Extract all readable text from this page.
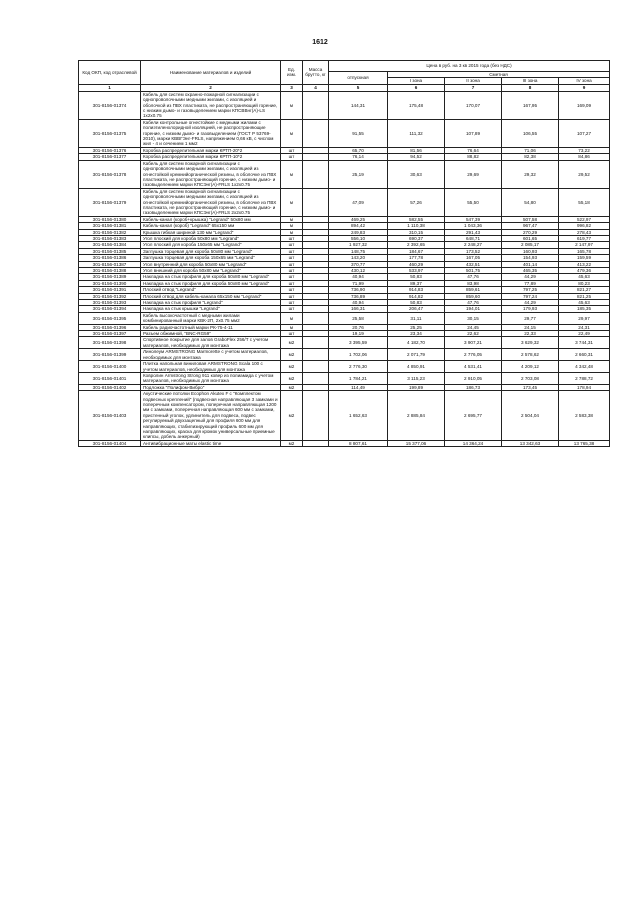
1612
Код ОКП, код отраслевой	Наименование материалов и изделий	Ед. изм.	Масса брутто, кг	Цена в руб. на 3 кв 2015 года (без НДС)				
				отпускная	Сметная			
					I зона	II зона	III зона	IV зона
1	2	3	4	5	6	7	8	9
301-8156-01374	Кабель для систем охранно-пожарной сигнализации с однопроволочными медными жилами, с изоляцией и оболочкой из ПВХ пластиката, не распространяющий горение, с низким дымо- и газовыделением марки КПСВВнг(А)-LS 1x2x0.75	м		144,31	175,48	170,07	167,95	169,09
301-8156-01375	Кабели контрольные огнестойкие с медными жилами с полиэтиленхлоридной изоляцией, не распространяющие горение, с низким дымо- и газовыделением (ГОСТ Р 53769-2010), марки КВВГЭнг-FRLS, напряжением 0,66 кВ, с числом жил - 4 и сечением 1 мм2	м		91,55	111,32	107,89	106,55	107,27
301-8156-01376	Коробка распределительная марки КРТП-20*2	шт		65,70	81,56	76,64	71,06	73,22
301-8156-01377	Коробка распределительная марки КРТП-10*2	шт		76,14	94,52	88,82	82,38	84,86
301-8156-01378	Кабель для систем пожарной сигнализации с однопроволочными медными жилами, с изоляцией из огнестойкой кремнийорганической резины, в оболочке из ПВХ пластиката, не распространяющий горение, с низким дымо- и газовыделением марки КПСЭнг(А)-FRLS 1x2x0.75	м		25,19	30,63	29,69	29,32	29,52
301-8156-01379	Кабель для систем пожарной сигнализации с однопроволочными медными жилами, с изоляцией из огнестойкой кремнийорганической резины, в оболочке из ПВХ пластиката, не распространяющий горение, с низким дымо- и газовыделением марки КПСЭнг(А)-FRLS 2x2x0.75	м		47,09	57,26	55,50	54,80	55,18
301-8156-01380	Кабель-канал (короб+крышка) "Legrand" 50х80 мм	м		469,25	582,55	547,39	507,58	522,97
301-8156-01381	Кабель-канал (короб) "Legrand" 65х150 мм	м		894,42	1 110,38	1 043,36	967,47	996,82
301-8156-01382	Крышка гибкая шириной 130 мм "Legrand"	м		249,83	310,15	291,43	270,29	278,43
301-8156-01383	Угол плоский для короба 50х80 мм "Legrand"	шт		556,10	690,37	648,71	601,65	619,77
301-8156-01384	Угол плоский для короба 150х65 мм "Legrand"	шт		1 927,32	2 392,65	2 248,27	2 085,17	2 147,97
301-8156-01385	Заглушка торцевая для короба 50х80 мм "Legrand"	шт		148,75	184,67	173,52	160,93	165,78
301-8156-01386	Заглушка торцевая для короба 150х65 мм "Legrand"	шт		143,20	177,78	167,05	154,93	159,59
301-8156-01387	Угол внутренний для короба 50х80 мм "Legrand"	шт		370,77	460,29	432,51	401,14	413,22
301-8156-01388	Угол внешний для короба 50х80 мм "Legrand"	шт		430,12	533,97	501,75	465,35	479,36
301-8156-01389	Накладка на стык профиля для короба 50х80 мм "Legrand"	шт		40,94	50,83	47,76	44,29	45,63
301-8156-01390	Накладка на стык профиля для короба 50х80 мм "Legrand"	шт		71,99	89,37	83,98	77,89	80,23
301-8156-01391	Плоский отвод "Legrand"	шт		736,90	914,83	859,61	797,25	821,27
301-8156-01392	Плоский отвод для кабель-канала 65х150 мм "Legrand"	шт		736,89	914,82	859,60	797,24	821,25
301-8156-01393	Накладка на стык профиля "Legrand"	шт		40,94	50,83	47,76	44,29	45,63
301-8156-01394	Накладка на стык крышки "Legrand"	шт		166,31	206,47	194,01	179,93	185,35
301-8156-01395	Кабель высокочастотный с медными жилами комбинированный марки КВК-2П, 2x0.75 мм2	м		25,58	31,11	30,15	29,77	29,97
301-8156-01396	Кабель радиочастотный марки РК-75-4-11	м		20,76	25,25	24,45	24,15	24,31
301-8156-01397	Разъем обжимной, "BNC-RG59"	шт		19,19	23,34	22,62	22,33	22,49
301-8156-01398	Спортивное покрытие для залов GraboFlex 256/T с учетом материалов, необходимых для монтажа	м2		3 395,59	4 182,70	3 907,21	3 629,32	3 744,31
301-8156-01399	Линолеум ARMSTRONG Marmorette с учетом материалов, необходимых для монтажа	м2		1 702,06	2 071,79	2 776,05	2 578,62	2 660,31
301-8156-01400	Плитка напольная виниловая ARMSTRONG Scala 100 с учетом материалов, необходимых для монтажа	м2		2 776,30	4 850,91	4 531,41	4 209,12	4 342,48
301-8156-01401	Ковролин Armstrong Strong 911 ковер из полиамида с учетом материалов, необходимых для монтажа	м2		1 784,21	3 115,23	2 910,05	2 703,08	2 788,72
301-8156-01402	Подложка "Полифом-Вибро"	м2		114,49	199,89	186,73	173,45	178,94
301-8156-01403	Акустические потолки Ecophon Akutex F с "Комплектом подвесных креплений" (подвесная направляющая 3 замками и поперечным компенсатором, поперечная направляющая 1200 мм с замками, поперечная направляющая 600 мм с замками, пристенный уголок, удлинитель для подвеса, подвес регулируемый двухзацепный для профиля 600 мм для направляющих, стабилизирующий профиль 600 мм для направляющих, краска для кромок универсальные приемные клипсы, добель анкерный)	м2		1 652,63	2 885,84	2 695,77	2 504,04	2 583,38
301-8156-01404	Антивибрационные маты elastic time	м2		8 807,61	15 377,06	14 364,24	13 342,63	13 765,38
